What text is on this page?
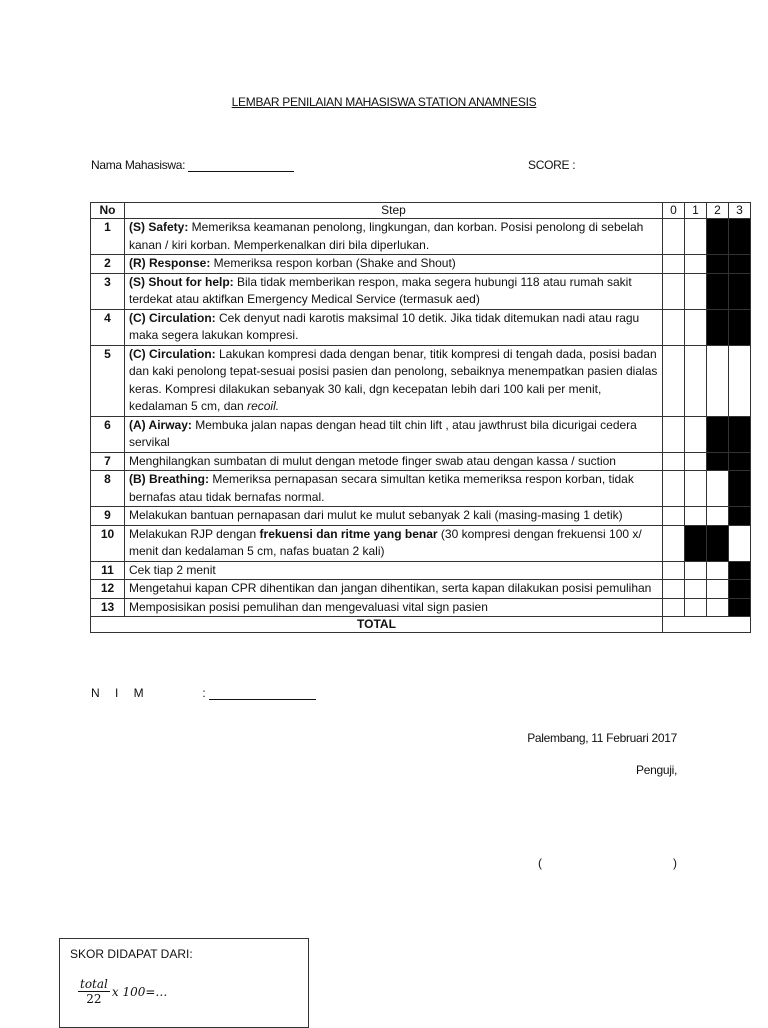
LEMBAR PENILAIAN MAHASISWA STATION ANAMNESIS
Nama Mahasiswa:	SCORE :
No	Step	0	1	2	3
1	(S) Safety: Memeriksa keamanan penolong, lingkungan, dan korban. Posisi penolong di sebelah kanan / kiri korban. Memperkenalkan diri bila diperlukan.				
2	(R) Response: Memeriksa respon korban (Shake and Shout)				
3	(S) Shout for help: Bila tidak memberikan respon, maka segera hubungi 118 atau rumah sakit terdekat atau aktifkan Emergency Medical Service (termasuk aed)				
4	(C) Circulation: Cek denyut nadi karotis maksimal 10 detik. Jika tidak ditemukan nadi atau ragu maka segera lakukan kompresi.				
5	(C) Circulation: Lakukan kompresi dada dengan benar, titik kompresi di tengah dada, posisi badan dan kaki penolong tepat-sesuai posisi pasien dan penolong, sebaiknya menempatkan pasien dialas keras. Kompresi dilakukan sebanyak 30 kali, dgn kecepatan lebih dari 100 kali per menit, kedalaman 5 cm, dan recoil.				
6	(A) Airway: Membuka jalan napas dengan head tilt chin lift , atau jawthrust bila dicurigai cedera servikal				
7	Menghilangkan sumbatan di mulut dengan metode finger swab atau dengan kassa / suction				
8	(B) Breathing: Memeriksa pernapasan secara simultan ketika memeriksa respon korban, tidak bernafas atau tidak bernafas normal.				
9	Melakukan bantuan pernapasan dari mulut ke mulut sebanyak 2 kali (masing-masing 1 detik)				
10	Melakukan RJP dengan frekuensi dan ritme yang benar (30 kompresi dengan frekuensi 100 x/ menit dan kedalaman 5 cm, nafas buatan 2 kali)				
11	Cek tiap 2 menit				
12	Mengetahui kapan CPR dihentikan dan jangan dihentikan, serta kapan dilakukan posisi pemulihan				
13	Memposisikan posisi pemulihan dan mengevaluasi vital sign pasien				
TOTAL					
N I M	:
Palembang, 11 Februari 2017
Penguji,
(	)
SKOR DIDAPAT DARI:
$\frac{\text{total}}{22}$ x 100=…
